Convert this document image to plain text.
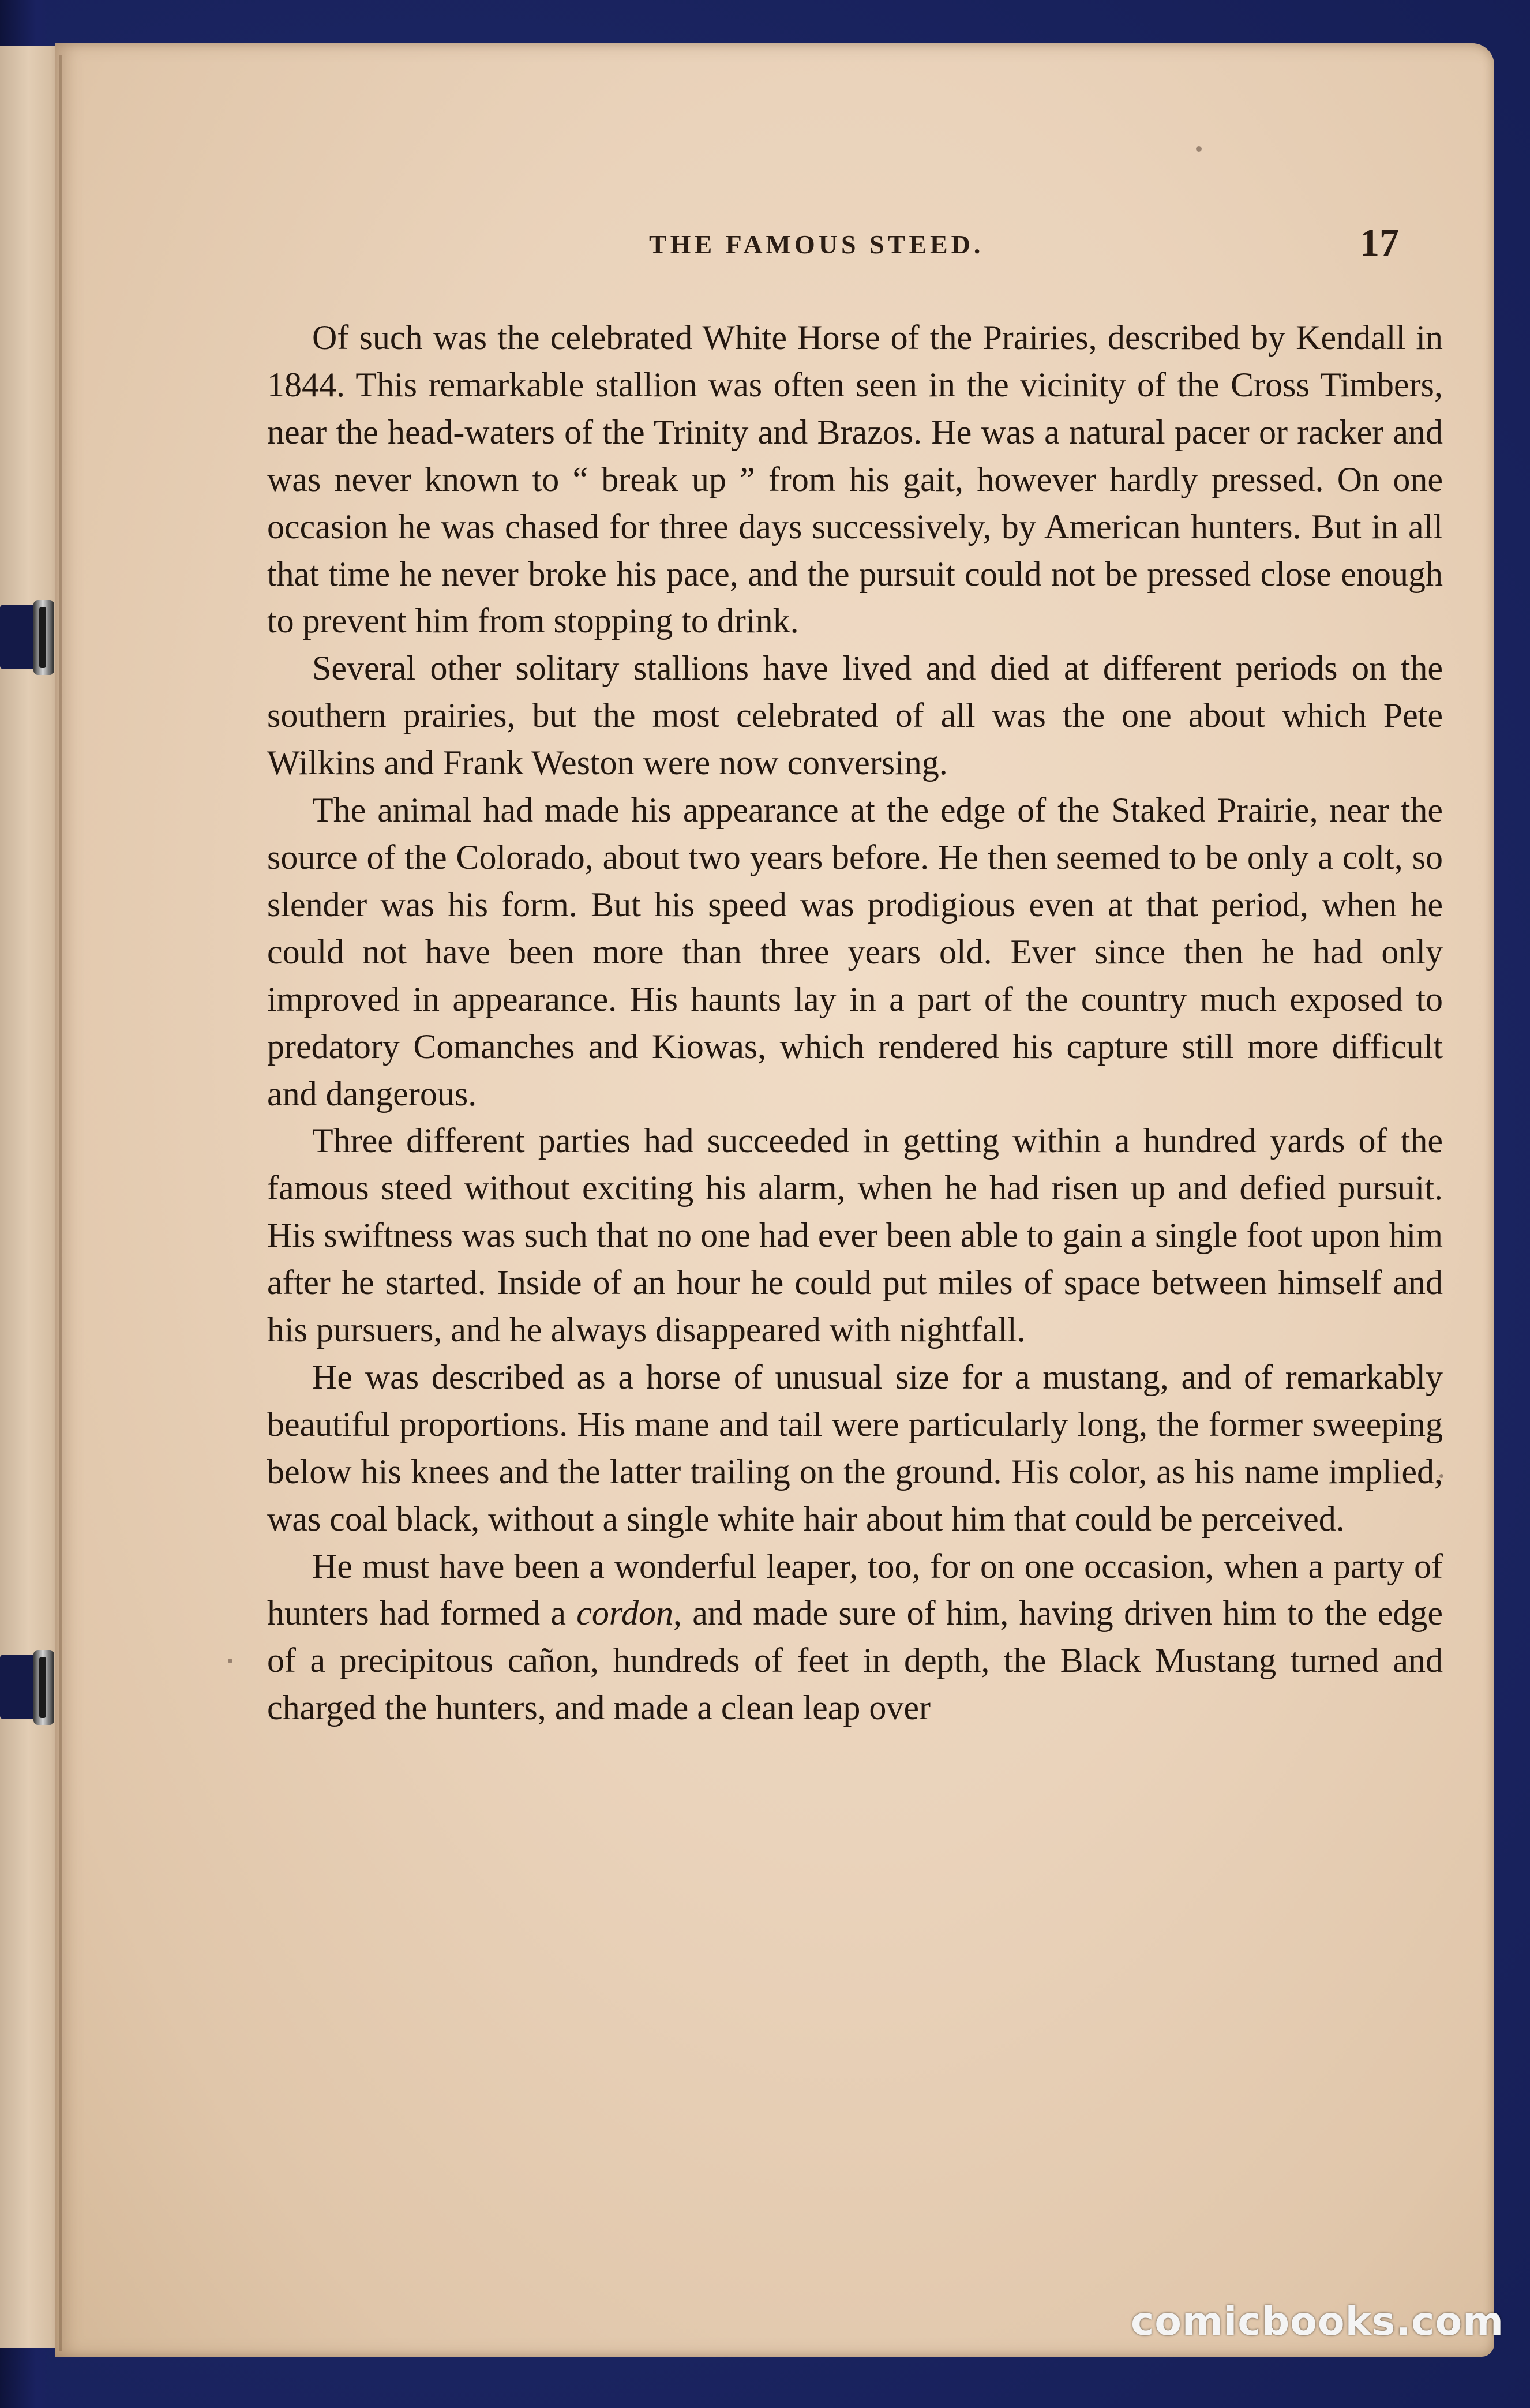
THE FAMOUS STEED.	17

Of such was the celebrated White Horse of the Prairies, described by Kendall in 1844. This remarkable stallion was often seen in the vicinity of the Cross Timbers, near the head-waters of the Trinity and Brazos. He was a natural pacer or racker and was never known to “ break up ” from his gait, however hardly pressed. On one occasion he was chased for three days successively, by American hunters. But in all that time he never broke his pace, and the pursuit could not be pressed close enough to prevent him from stopping to drink.

Several other solitary stallions have lived and died at different periods on the southern prairies, but the most celebrated of all was the one about which Pete Wilkins and Frank Weston were now conversing.

The animal had made his appearance at the edge of the Staked Prairie, near the source of the Colorado, about two years before. He then seemed to be only a colt, so slender was his form. But his speed was prodigious even at that period, when he could not have been more than three years old. Ever since then he had only improved in appearance. His haunts lay in a part of the country much exposed to predatory Comanches and Kiowas, which rendered his capture still more difficult and dangerous.

Three different parties had succeeded in getting within a hundred yards of the famous steed without exciting his alarm, when he had risen up and defied pursuit. His swiftness was such that no one had ever been able to gain a single foot upon him after he started. Inside of an hour he could put miles of space between himself and his pursuers, and he always disappeared with nightfall.

He was described as a horse of unusual size for a mustang, and of remarkably beautiful proportions. His mane and tail were particularly long, the former sweeping below his knees and the latter trailing on the ground. His color, as his name implied, was coal black, without a single white hair about him that could be perceived.

He must have been a wonderful leaper, too, for on one occasion, when a party of hunters had formed a cordon, and made sure of him, having driven him to the edge of a precipitous cañon, hundreds of feet in depth, the Black Mustang turned and charged the hunters, and made a clean leap over

comicbooks.com
